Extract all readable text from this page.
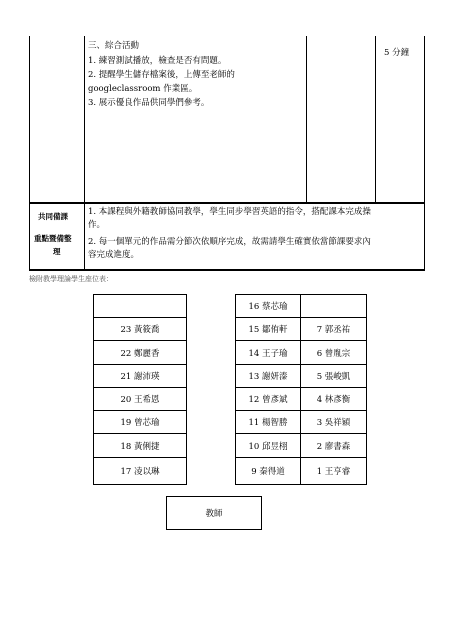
三、綜合活動
1. 練習測試播放，檢查是否有問題。
2. 提醒學生儲存檔案後，上傳至老師的
googleclassroom 作業區。
3. 展示優良作品供同學們參考。
5 分鐘
共同備課
重點暨備整
理
1. 本課程與外籍教師協同教學，學生同步學習英語的指令，搭配課本完成操
作。
2. 每一個單元的作品需分節次依順序完成，故需請學生確實依當節課要求內
容完成進度。
檢附教學理論學生座位表：
16 蔡芯瑜
23 黃筱喬
22 鄭麗香
21 謝沛瑛
20 王希恩
19 曾芯瑜
18 黃俐捷
17 凌以琳
15 鄒侑軒
14 王子瑜
13 謝妍溱
12 曾彥斌
11 楊智勝
10 邱昱栩
9 秦得道
7 郭丞祐
6 曾胤宗
5 張峻凱
4 林彥衡
3 吳祥穎
2 廖書森
1 王亨睿
教師
